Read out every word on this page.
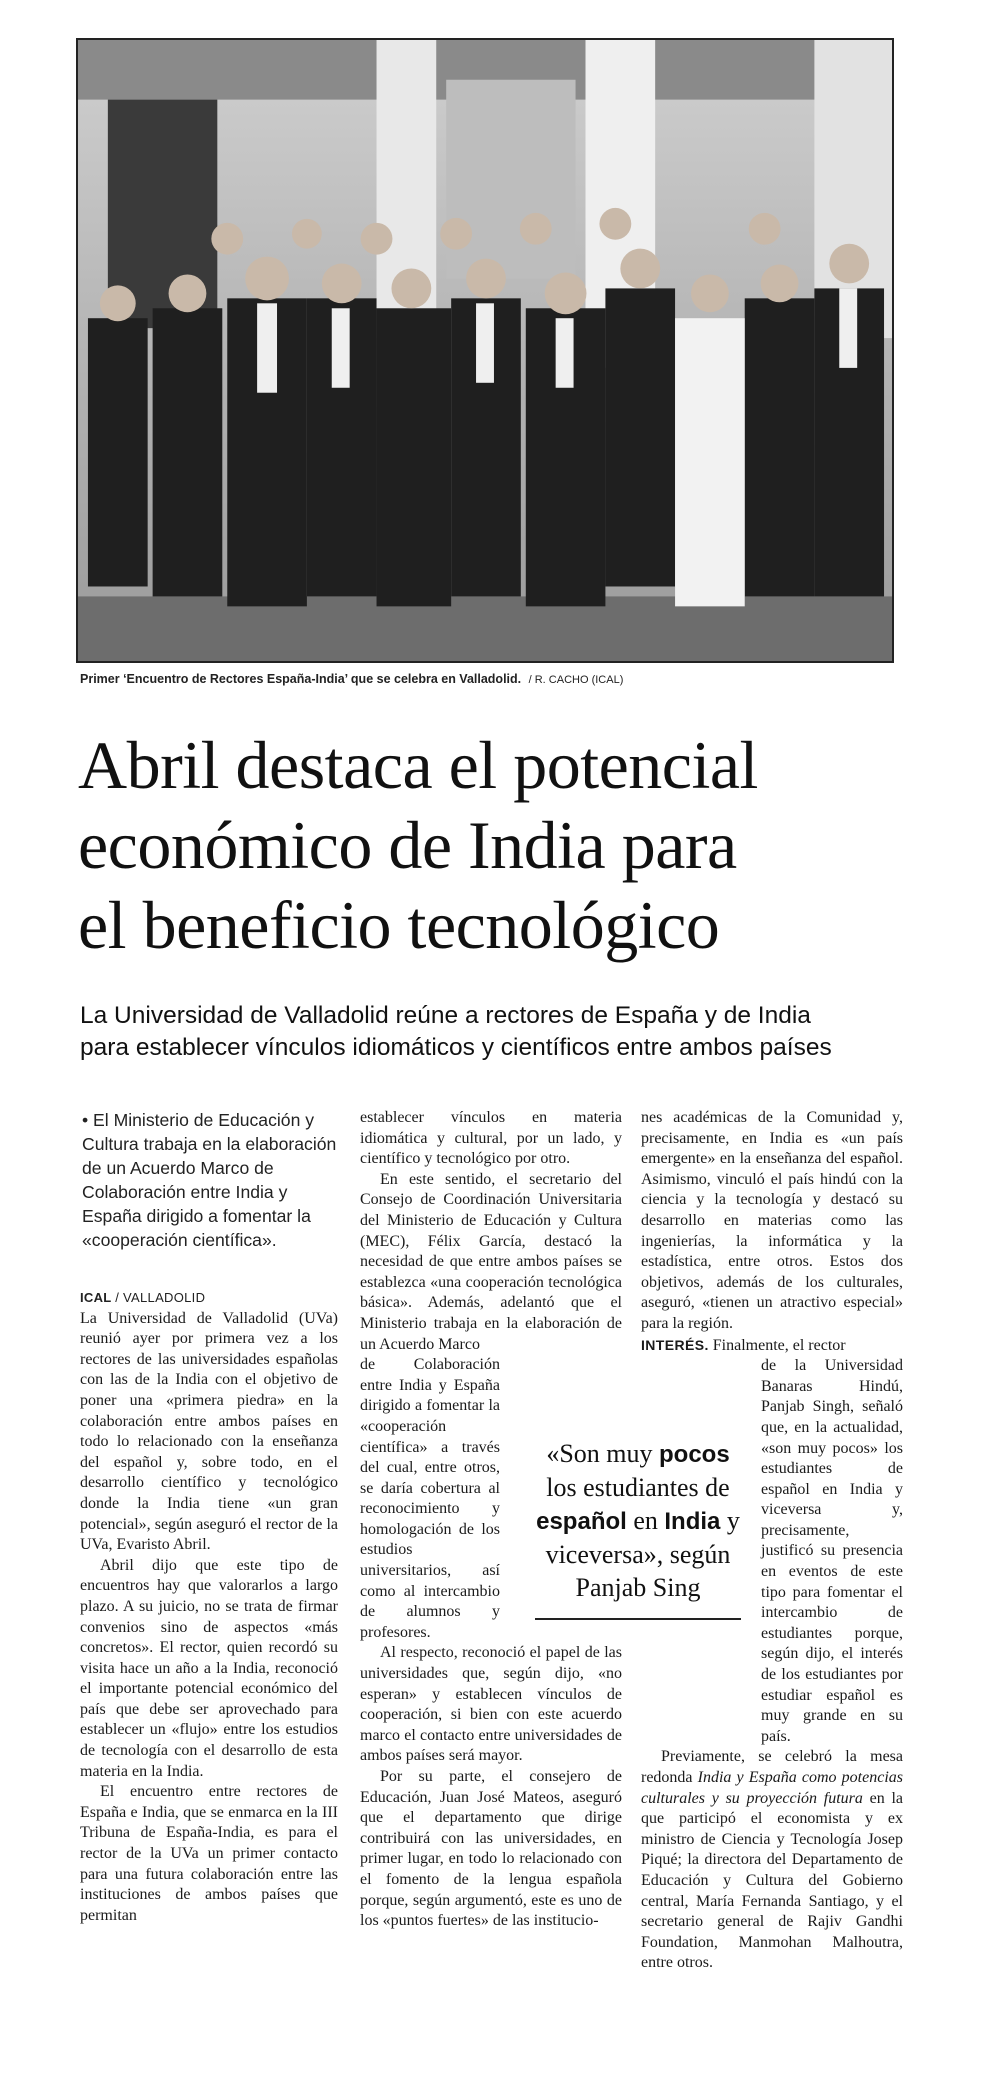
Primer ‘Encuentro de Rectores España-India’ que se celebra en Valladolid. / R. CACHO (ICAL)
Abril destaca el potencial
económico de India para
el beneficio tecnológico
La Universidad de Valladolid reúne a rectores de España y de India
para establecer vínculos idiomáticos y científicos entre ambos países
• El Ministerio de Educación y Cultura trabaja en la elaboración de un Acuerdo Marco de Colaboración entre India y España dirigido a fomentar la «cooperación científica».
ICAL / VALLADOLID

La Universidad de Valladolid (UVa) reunió ayer por primera vez a los rectores de las universidades españolas con las de la India con el objetivo de poner una «primera piedra» en la colaboración entre ambos países en todo lo relacionado con la enseñanza del español y, sobre todo, en el desarrollo científico y tecnológico donde la India tiene «un gran potencial», según aseguró el rector de la UVa, Evaristo Abril.

Abril dijo que este tipo de encuentros hay que valorarlos a largo plazo. A su juicio, no se trata de firmar convenios sino de aspectos «más concretos». El rector, quien recordó su visita hace un año a la India, reconoció el importante potencial económico del país que debe ser aprovechado para establecer un «flujo» entre los estudios de tecnología con el desarrollo de esta materia en la India.

El encuentro entre rectores de España e India, que se enmarca en la III Tribuna de España-India, es para el rector de la UVa un primer contacto para una futura colaboración entre las instituciones de ambos países que permitan

establecer vínculos en materia idiomática y cultural, por un lado, y científico y tecnológico por otro.

En este sentido, el secretario del Consejo de Coordinación Universitaria del Ministerio de Educación y Cultura (MEC), Félix García, destacó la necesidad de que entre ambos países se establezca «una cooperación tecnológica básica». Además, adelantó que el Ministerio trabaja en la elaboración de un Acuerdo Marco

de Colaboración entre India y España dirigido a fomentar la «cooperación científica» a través del cual, entre otros, se daría cobertura al reconocimiento y homologación de los estudios universitarios, así como al intercambio de alumnos y profesores.

Al respecto, reconoció el papel de las universidades que, según dijo, «no esperan» y establecen vínculos de cooperación, si bien con este acuerdo marco el contacto entre universidades de ambos países será mayor.

Por su parte, el consejero de Educación, Juan José Mateos, aseguró que el departamento que dirige contribuirá con las universidades, en primer lugar, en todo lo relacionado con el fomento de la lengua española porque, según argumentó, este es uno de los «puntos fuertes» de las institucio-

nes académicas de la Comunidad y, precisamente, en India es «un país emergente» en la enseñanza del español. Asimismo, vinculó el país hindú con la ciencia y la tecnología y destacó su desarrollo en materias como las ingenierías, la informática y la estadística, entre otros. Estos dos objetivos, además de los culturales, aseguró, «tienen un atractivo especial» para la región.

INTERÉS. Finalmente, el rector

de la Universidad Banaras Hindú, Panjab Singh, señaló que, en la actualidad, «son muy pocos» los estudiantes de español en India y viceversa y, precisamente, justificó su presencia en eventos de este tipo para fomentar el intercambio de estudiantes porque, según dijo, el interés de los estudiantes por estudiar español es muy grande en su país.

Previamente, se celebró la mesa redonda India y España como potencias culturales y su proyección futura en la que participó el economista y ex ministro de Ciencia y Tecnología Josep Piqué; la directora del Departamento de Educación y Cultura del Gobierno central, María Fernanda Santiago, y el secretario general de Rajiv Gandhi Foundation, Manmohan Malhoutra, entre otros.

«Son muy pocos los estudiantes de español en India y viceversa», según Panjab Sing
